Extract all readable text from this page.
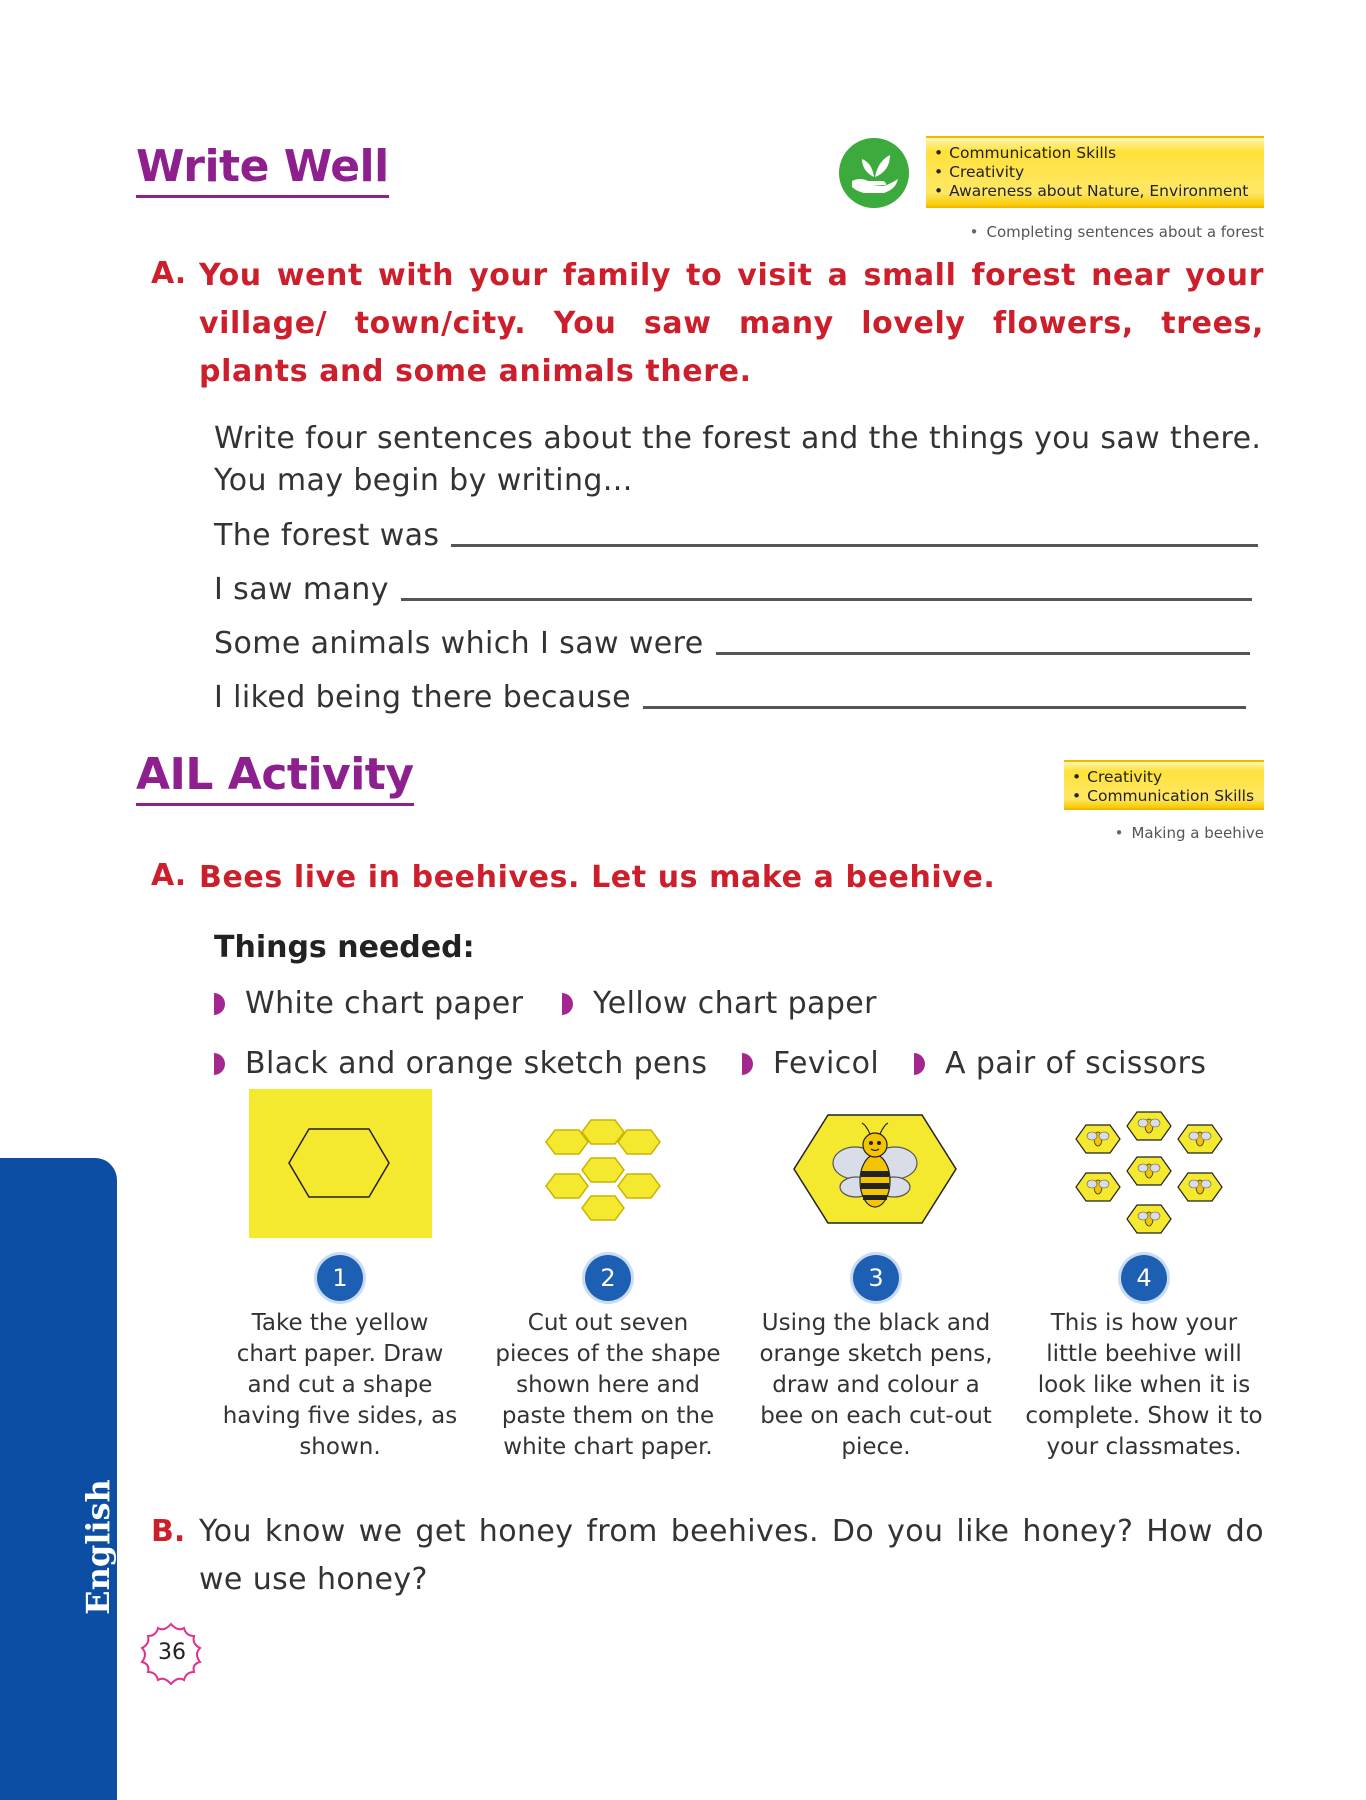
Write Well	• Communication Skills
• Creativity
• Awareness about Nature, Environment
• Completing sentences about a forest
A. You went with your family to visit a small forest near your village/ town/city. You saw many lovely flowers, trees, plants and some animals there.
Write four sentences about the forest and the things you saw there.
You may begin by writing...
The forest was
I saw many
Some animals which I saw were
I liked being there because
AIL Activity	• Creativity
• Communication Skills
• Making a beehive
A. Bees live in beehives. Let us make a beehive.
Things needed:
White chart paper Yellow chart paper
Black and orange sketch pens Fevicol A pair of scissors
1	2	3	4
Take the yellow chart paper. Draw and cut a shape having five sides, as shown.
Cut out seven pieces of the shape shown here and paste them on the white chart paper.
Using the black and orange sketch pens, draw and colour a bee on each cut-out piece.
This is how your little beehive will look like when it is complete. Show it to your classmates.
B. You know we get honey from beehives. Do you like honey? How do we use honey?
English
36
